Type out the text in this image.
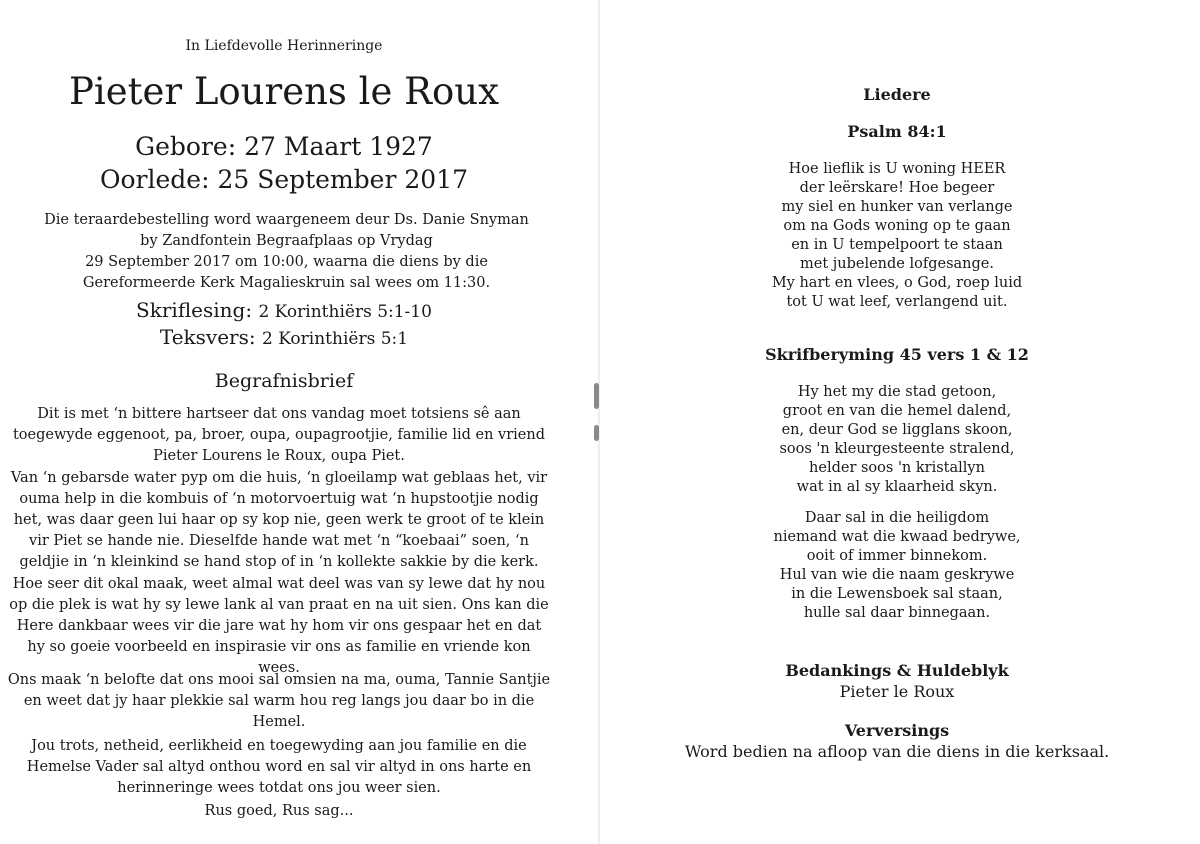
In Liefdevolle Herinneringe
Pieter Lourens le Roux
Gebore: 27 Maart 1927
Oorlede: 25 September 2017

Die teraardebestelling word waargeneem deur Ds. Danie Snyman

by Zandfontein Begraafplaas op Vrydag

29 September 2017 om 10:00, waarna die diens by die

Gereformeerde Kerk Magalieskruin sal wees om 11:30.

Skriflesing: 2 Korinthiërs 5:1-10
Teksvers: 2 Korinthiërs 5:1
Begrafnisbrief

Dit is met ‘n bittere hartseer dat ons vandag moet totsiens sê aan

toegewyde eggenoot, pa, broer, oupa, oupagrootjie, familie lid en vriend

Pieter Lourens le Roux, oupa Piet.

Van ‘n gebarsde water pyp om die huis, ‘n gloeilamp wat geblaas het, vir

ouma help in die kombuis of ‘n motorvoertuig wat ‘n hupstootjie nodig

het, was daar geen lui haar op sy kop nie, geen werk te groot of te klein

vir Piet se hande nie. Dieselfde hande wat met ‘n “koebaai” soen, ‘n

geldjie in ‘n kleinkind se hand stop of in ‘n kollekte sakkie by die kerk.

Hoe seer dit okal maak, weet almal wat deel was van sy lewe dat hy nou

op die plek is wat hy sy lewe lank al van praat en na uit sien. Ons kan die

Here dankbaar wees vir die jare wat hy hom vir ons gespaar het en dat

hy so goeie voorbeeld en inspirasie vir ons as familie en vriende kon

wees.

Ons maak ‘n belofte dat ons mooi sal omsien na ma, ouma, Tannie Santjie

en weet dat jy haar plekkie sal warm hou reg langs jou daar bo in die

Hemel.

Jou trots, netheid, eerlikheid en toegewyding aan jou familie en die

Hemelse Vader sal altyd onthou word en sal vir altyd in ons harte en

herinneringe wees totdat ons jou weer sien.

Rus goed, Rus sag...
Liedere
Psalm 84:1

Hoe lieflik is U woning HEER

der leërskare! Hoe begeer

my siel en hunker van verlange

om na Gods woning op te gaan

en in U tempelpoort te staan

met jubelende lofgesange.

My hart en vlees, o God, roep luid

tot U wat leef, verlangend uit.

Skrifberyming 45 vers 1 & 12

Hy het my die stad getoon,

groot en van die hemel dalend,

en, deur God se ligglans skoon,

soos 'n kleurgesteente stralend,

helder soos 'n kristallyn

wat in al sy klaarheid skyn.

Daar sal in die heiligdom

niemand wat die kwaad bedrywe,

ooit of immer binnekom.

Hul van wie die naam geskrywe

in die Lewensboek sal staan,

hulle sal daar binnegaan.

Bedankings & Huldeblyk
Pieter le Roux
Verversings
Word bedien na afloop van die diens in die kerksaal.
